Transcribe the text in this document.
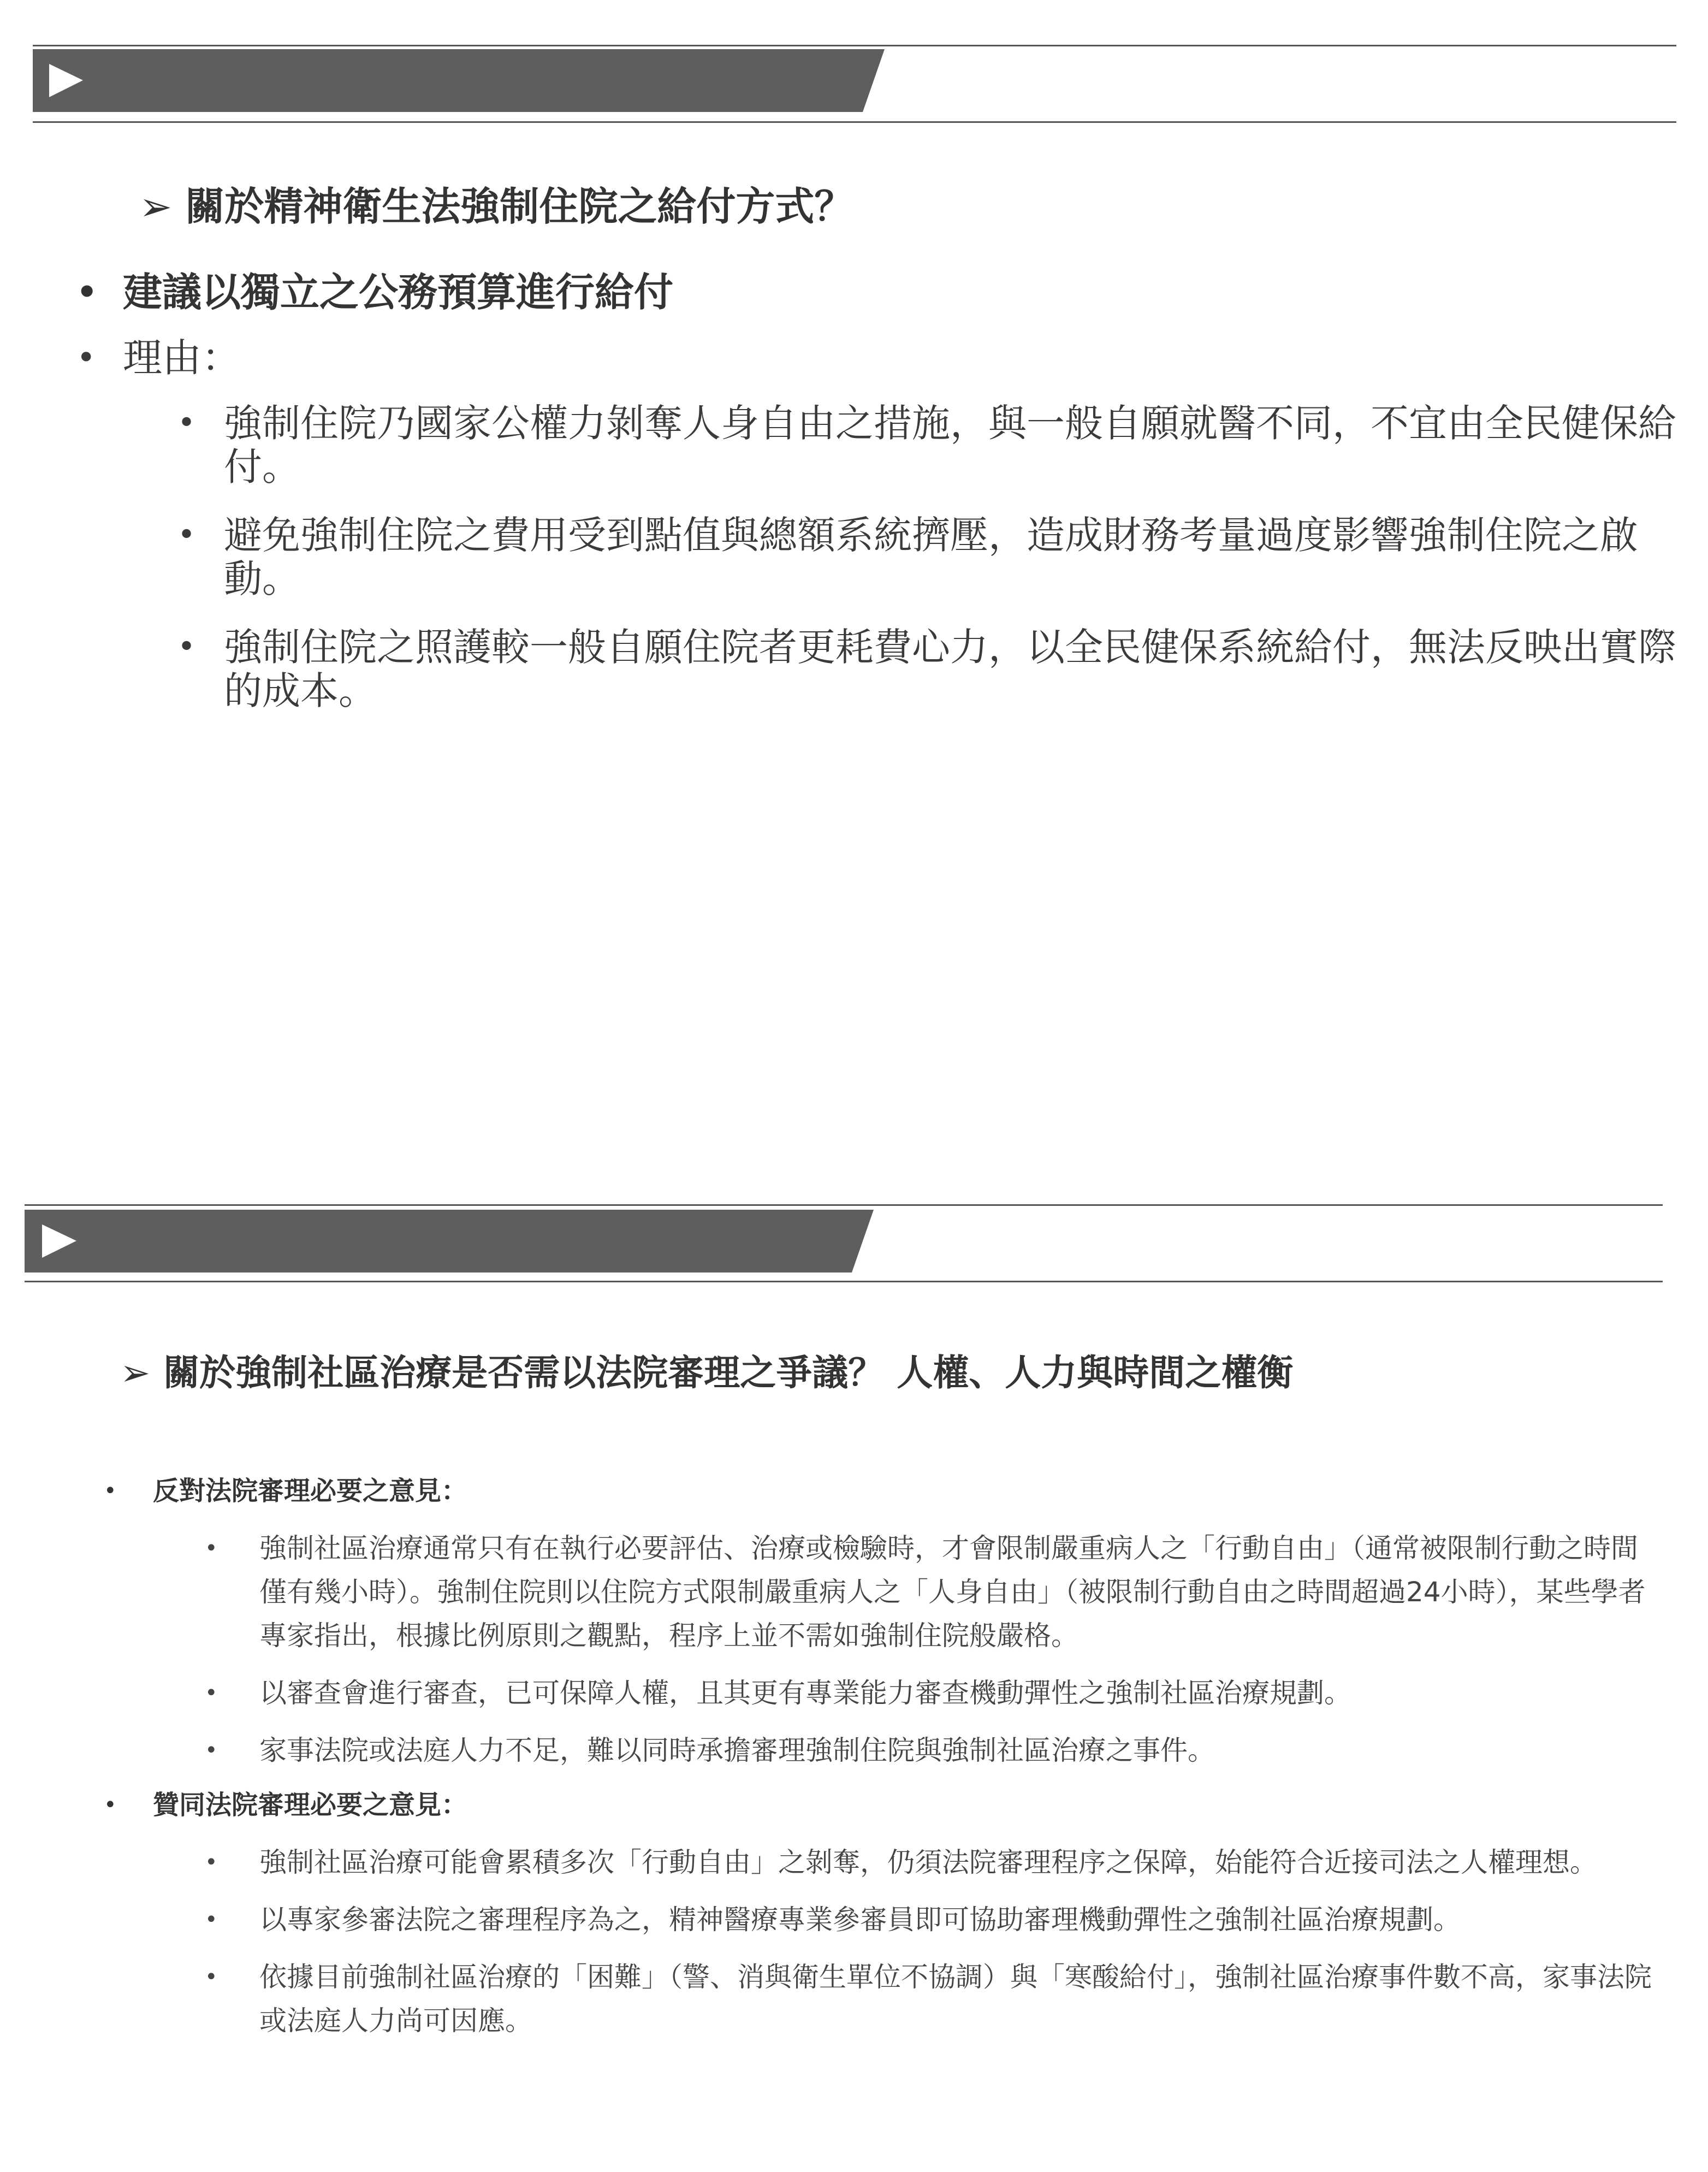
➢ 關於精神衛生法強制住院之給付方式？
• 建議以獨立之公務預算進行給付
• 理由：
• 強制住院乃國家公權力剝奪人身自由之措施，與一般自願就醫不同，不宜由全民健保給付。
• 避免強制住院之費用受到點值與總額系統擠壓，造成財務考量過度影響強制住院之啟動。
• 強制住院之照護較一般自願住院者更耗費心力，以全民健保系統給付，無法反映出實際的成本。
➢ 關於強制社區治療是否需以法院審理之爭議？ 人權、人力與時間之權衡
• 反對法院審理必要之意見：
• 強制社區治療通常只有在執行必要評估、治療或檢驗時，才會限制嚴重病人之「行動自由」（通常被限制行動之時間僅有幾小時）。強制住院則以住院方式限制嚴重病人之「人身自由」（被限制行動自由之時間超過24小時），某些學者專家指出，根據比例原則之觀點，程序上並不需如強制住院般嚴格。
• 以審查會進行審查，已可保障人權，且其更有專業能力審查機動彈性之強制社區治療規劃。
• 家事法院或法庭人力不足，難以同時承擔審理強制住院與強制社區治療之事件。
• 贊同法院審理必要之意見：
• 強制社區治療可能會累積多次「行動自由」之剝奪，仍須法院審理程序之保障，始能符合近接司法之人權理想。
• 以專家參審法院之審理程序為之，精神醫療專業參審員即可協助審理機動彈性之強制社區治療規劃。
• 依據目前強制社區治療的「困難」（警、消與衛生單位不協調）與「寒酸給付」，強制社區治療事件數不高，家事法院或法庭人力尚可因應。
